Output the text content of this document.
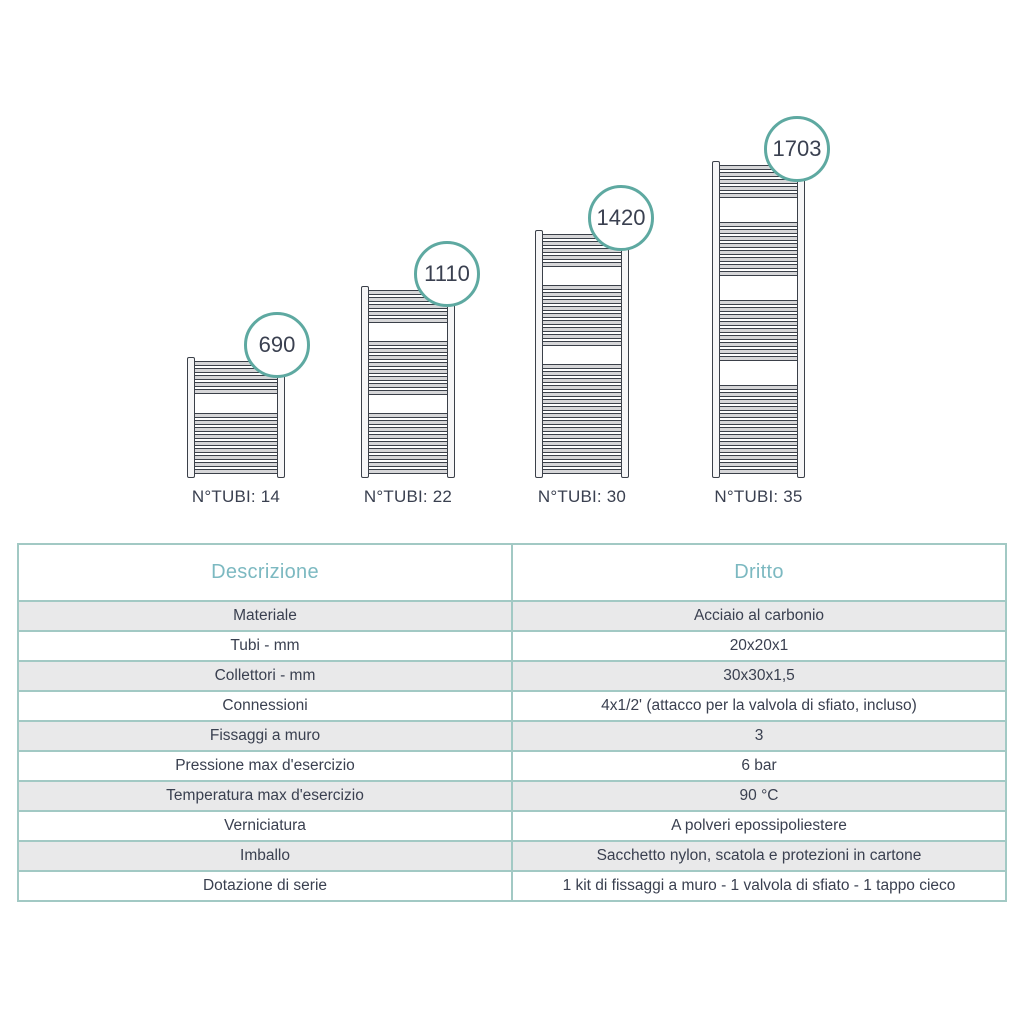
690
N°TUBI: 14
1110
N°TUBI: 22
1420
N°TUBI: 30
1703
N°TUBI: 35
Descrizione	Dritto
Materiale	Acciaio al carbonio
Tubi - mm	20x20x1
Collettori - mm	30x30x1,5
Connessioni	4x1/2' (attacco per la valvola di sfiato, incluso)
Fissaggi a muro	3
Pressione max d'esercizio	6 bar
Temperatura max d'esercizio	90 °C
Verniciatura	A polveri epossipoliestere
Imballo	Sacchetto nylon, scatola e protezioni in cartone
Dotazione di serie	1 kit di fissaggi a muro - 1 valvola di sfiato - 1 tappo cieco
